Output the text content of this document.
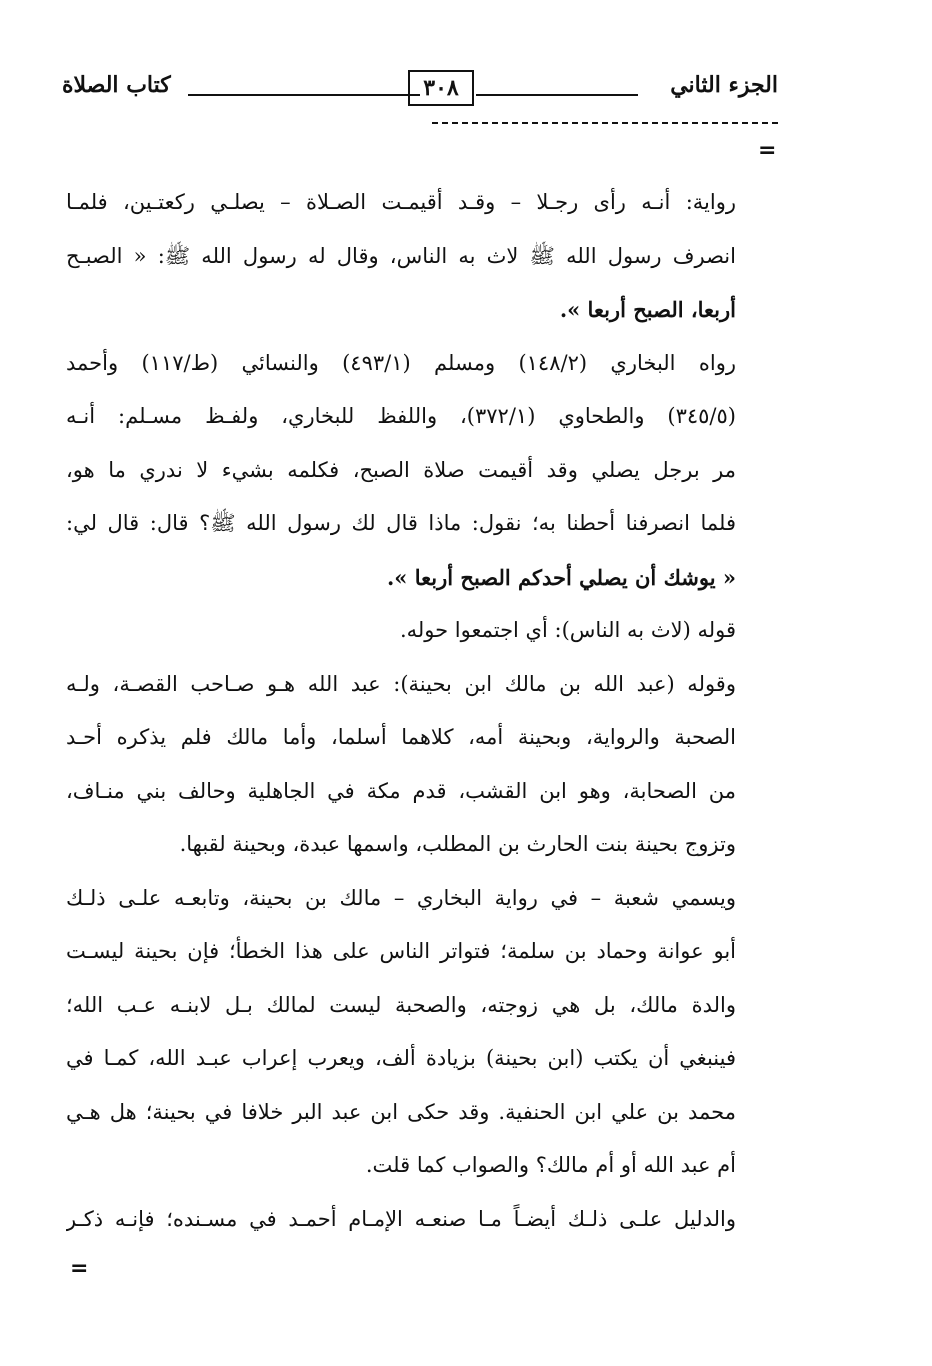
الجزء الثاني
٣٠٨
كتاب الصلاة
=
رواية: أنـه رأى رجـلا – وقـد أقيمـت الصـلاة – يصلـي ركعتـين، فلمـا
انصرف رسول الله ﷺ لاث به الناس، وقال له رسول الله ﷺ: « الصبـح
أربعا، الصبح أربعا ».
رواه البخاري (١٤٨/٢) ومسلم (٤٩٣/١) والنسائي (ط/١١٧) وأحمد
(٣٤٥/٥) والطحاوي (٣٧٢/١)، واللفظ للبخاري، ولفـظ مسـلم: أنـه
مر برجل يصلي وقد أقيمت صلاة الصبح، فكلمه بشيء لا ندري ما هو،
فلما انصرفنا أحطنا به؛ نقول: ماذا قال لك رسول الله ﷺ؟ قال: قال لي:
« يوشك أن يصلي أحدكم الصبح أربعا ».
قوله (لاث به الناس): أي اجتمعوا حوله.
وقوله (عبد الله بن مالك ابن بحينة): عبد الله هـو صـاحب القصـة، ولـه
الصحبة والرواية، وبحينة أمه، كلاهما أسلما، وأما مالك فلم يذكره أحـد
من الصحابة، وهو ابن القشب، قدم مكة في الجاهلية وحالف بني منـاف،
وتزوج بحينة بنت الحارث بن المطلب، واسمها عبدة، وبحينة لقبها.
ويسمي شعبة – في رواية البخاري – مالك بن بحينة، وتابعـه علـى ذلـك
أبو عوانة وحماد بن سلمة؛ فتواتر الناس على هذا الخطأ؛ فإن بحينة ليسـت
والدة مالك، بل هي زوجته، والصحبة ليست لمالك بـل لابنـه عـب الله؛
فينبغي أن يكتب (ابن بحينة) بزيادة ألف، ويعرب إعراب عبـد الله، كمـا في
محمد بن علي ابن الحنفية. وقد حكى ابن عبد البر خلافا في بحينة؛ هل هـي
أم عبد الله أو أم مالك؟ والصواب كما قلت.
والدليل علـى ذلـك أيضـاً مـا صنعـه الإمـام أحمـد في مسـنده؛ فإنـه ذكـر
=
